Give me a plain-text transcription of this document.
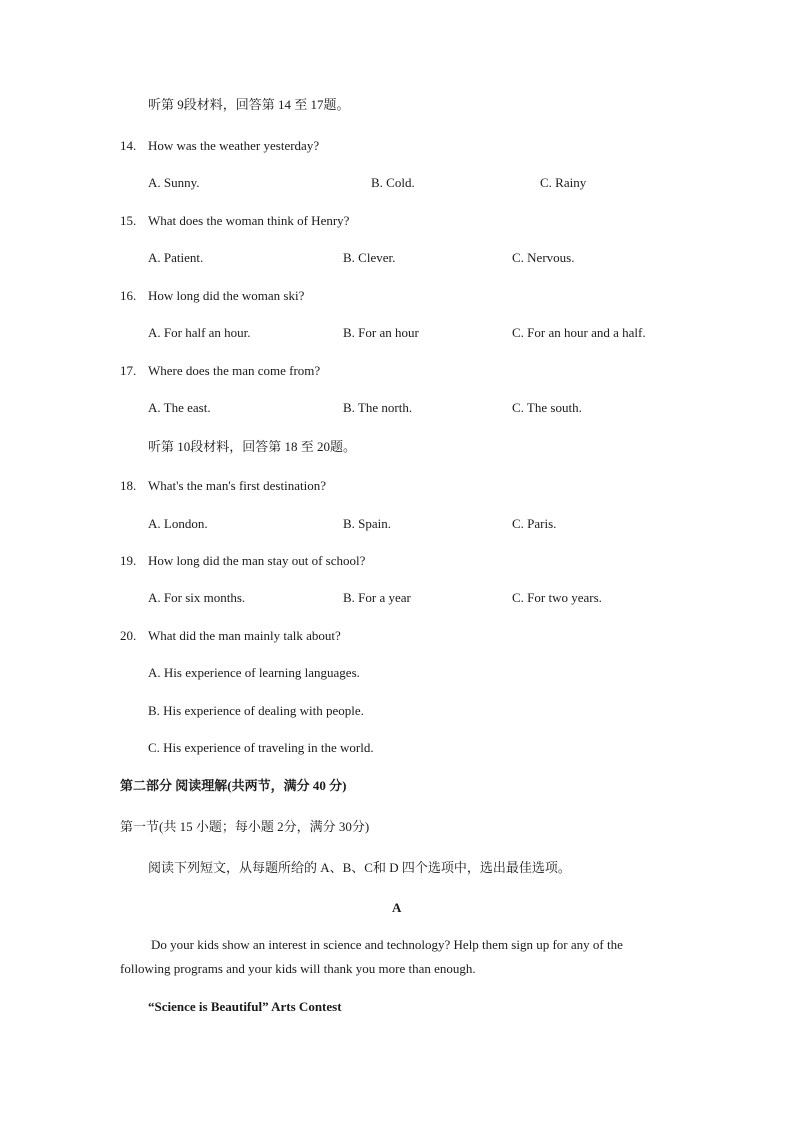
听第 9段材料，回答第 14 至 17题。
14. How was the weather yesterday?
A. Sunny.	B. Cold.	C. Rainy
15. What does the woman think of Henry?
A. Patient.	B. Clever.	C. Nervous.
16. How long did the woman ski?
A. For half an hour.	B. For an hour	C. For an hour and a half.
17. Where does the man come from?
A. The east.	B. The north.	C. The south.
听第 10段材料，回答第 18 至 20题。
18. What's the man's first destination?
A. London.	B. Spain.	C. Paris.
19. How long did the man stay out of school?
A. For six months.	B. For a year	C. For two years.
20. What did the man mainly talk about?
A. His experience of learning languages.
B. His experience of dealing with people.
C. His experience of traveling in the world.
第二部分 阅读理解(共两节，满分 40 分)
第一节(共 15 小题；每小题 2分，满分 30分)
阅读下列短文，从每题所给的 A、B、C和 D 四个选项中，选出最佳选项。
A
Do your kids show an interest in science and technology? Help them sign up for any of the
following programs and your kids will thank you more than enough.
“Science is Beautiful” Arts Contest
